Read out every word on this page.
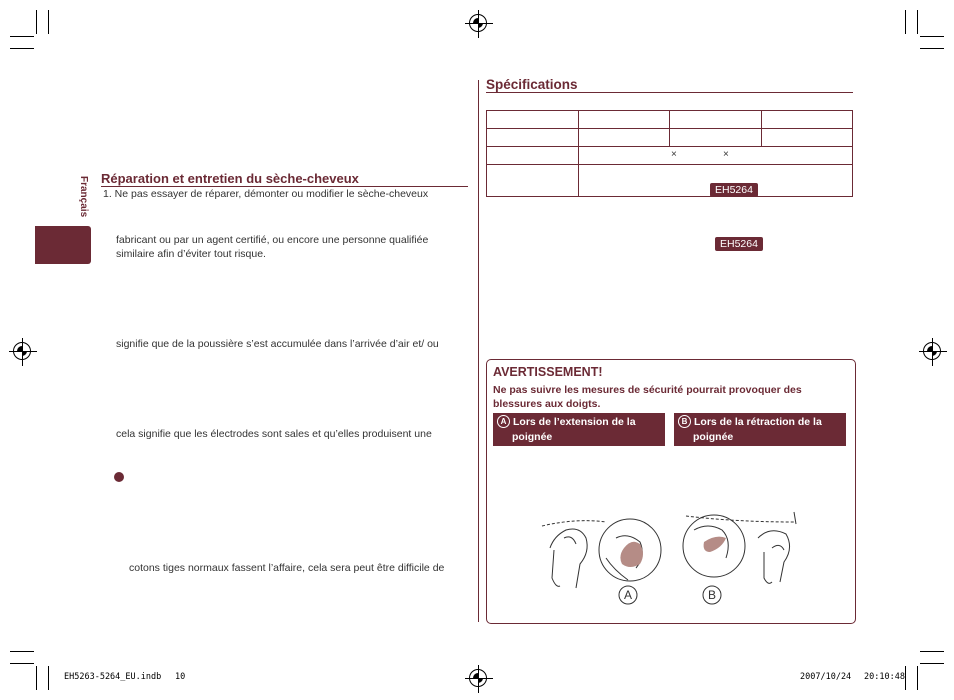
Français Réparation et entretien du sèche-cheveux
1. Ne pas essayer de réparer, démonter ou modifier le sèche-cheveux
fabricant ou par un agent certifié, ou encore une personne qualifiée
similaire afin d’éviter tout risque.
signifie que de la poussière s’est accumulée dans l’arrivée d’air et/ ou
cela signifie que les électrodes sont sales et qu’elles produisent une
cotons tiges normaux fassent l’affaire, cela sera peut être difficile de
Spécifications

	× ×		

EH5264
EH5264
AVERTISSEMENT!
Ne pas suivre les mesures de sécurité pourrait provoquer des
blessures aux doigts.
A Lors de l’extension de la
poignée
B Lors de la rétraction de la
poignée
A	B
EH5263-5264_EU.indb 10	2007/10/24 20:10:48
